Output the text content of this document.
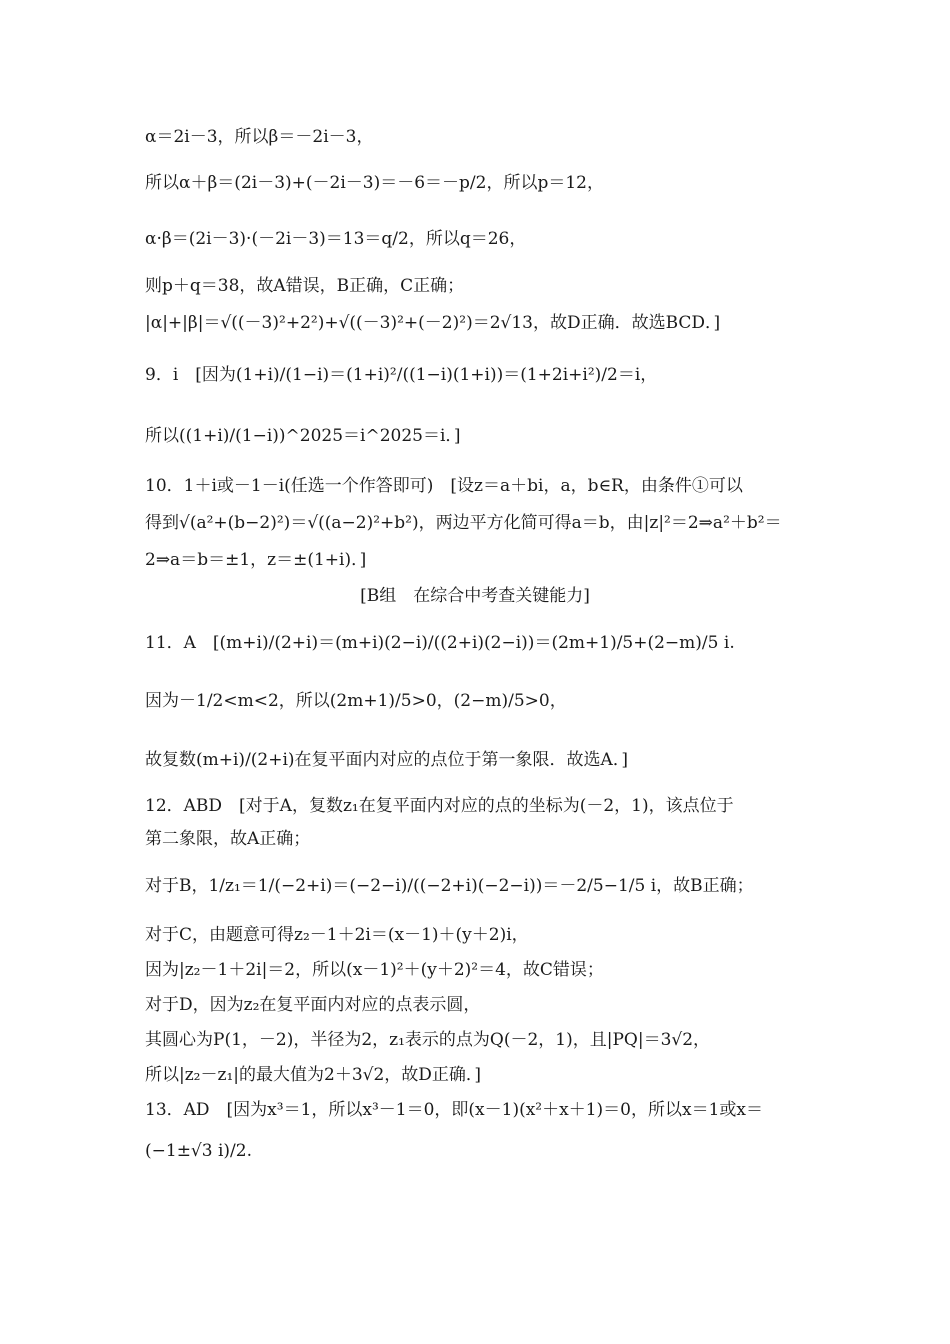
α＝2i－3，所以β＝－2i－3，
所以α＋β＝(2i－3)+(－2i－3)＝－6＝－p/2，所以p＝12，
α·β＝(2i－3)·(－2i－3)＝13＝q/2，所以q＝26，
则p＋q＝38，故A错误，B正确，C正确；
|α|+|β|＝√((－3)²+2²)+√((－3)²+(－2)²)＝2√13，故D正确．故选BCD．]
9．i　[因为(1+i)/(1−i)＝(1+i)²/((1−i)(1+i))＝(1+2i+i²)/2＝i，
所以((1+i)/(1−i))^2025＝i^2025＝i．]
10．1＋i或－1－i(任选一个作答即可)　[设z＝a＋bi，a，b∈R，由条件①可以
得到√(a²+(b−2)²)＝√((a−2)²+b²)，两边平方化简可得a＝b，由|z|²＝2⇒a²＋b²＝
2⇒a＝b＝±1，z＝±(1+i)．]
[B组　在综合中考查关键能力]
11．A　[(m+i)/(2+i)＝(m+i)(2−i)/((2+i)(2−i))＝(2m+1)/5+(2−m)/5 i.
因为－1/2<m<2，所以(2m+1)/5>0，(2−m)/5>0，
故复数(m+i)/(2+i)在复平面内对应的点位于第一象限．故选A．]
12．ABD　[对于A，复数z₁在复平面内对应的点的坐标为(－2，1)，该点位于
第二象限，故A正确；
对于B，1/z₁＝1/(−2+i)＝(−2−i)/((−2+i)(−2−i))＝－2/5−1/5 i，故B正确；
对于C，由题意可得z₂－1＋2i＝(x－1)＋(y＋2)i，
因为|z₂－1＋2i|＝2，所以(x－1)²＋(y＋2)²＝4，故C错误；
对于D，因为z₂在复平面内对应的点表示圆，
其圆心为P(1，－2)，半径为2，z₁表示的点为Q(－2，1)，且|PQ|＝3√2，
所以|z₂－z₁|的最大值为2＋3√2，故D正确．]
13．AD　[因为x³＝1，所以x³－1＝0，即(x－1)(x²＋x＋1)＝0，所以x＝1或x＝
(−1±√3 i)/2.
